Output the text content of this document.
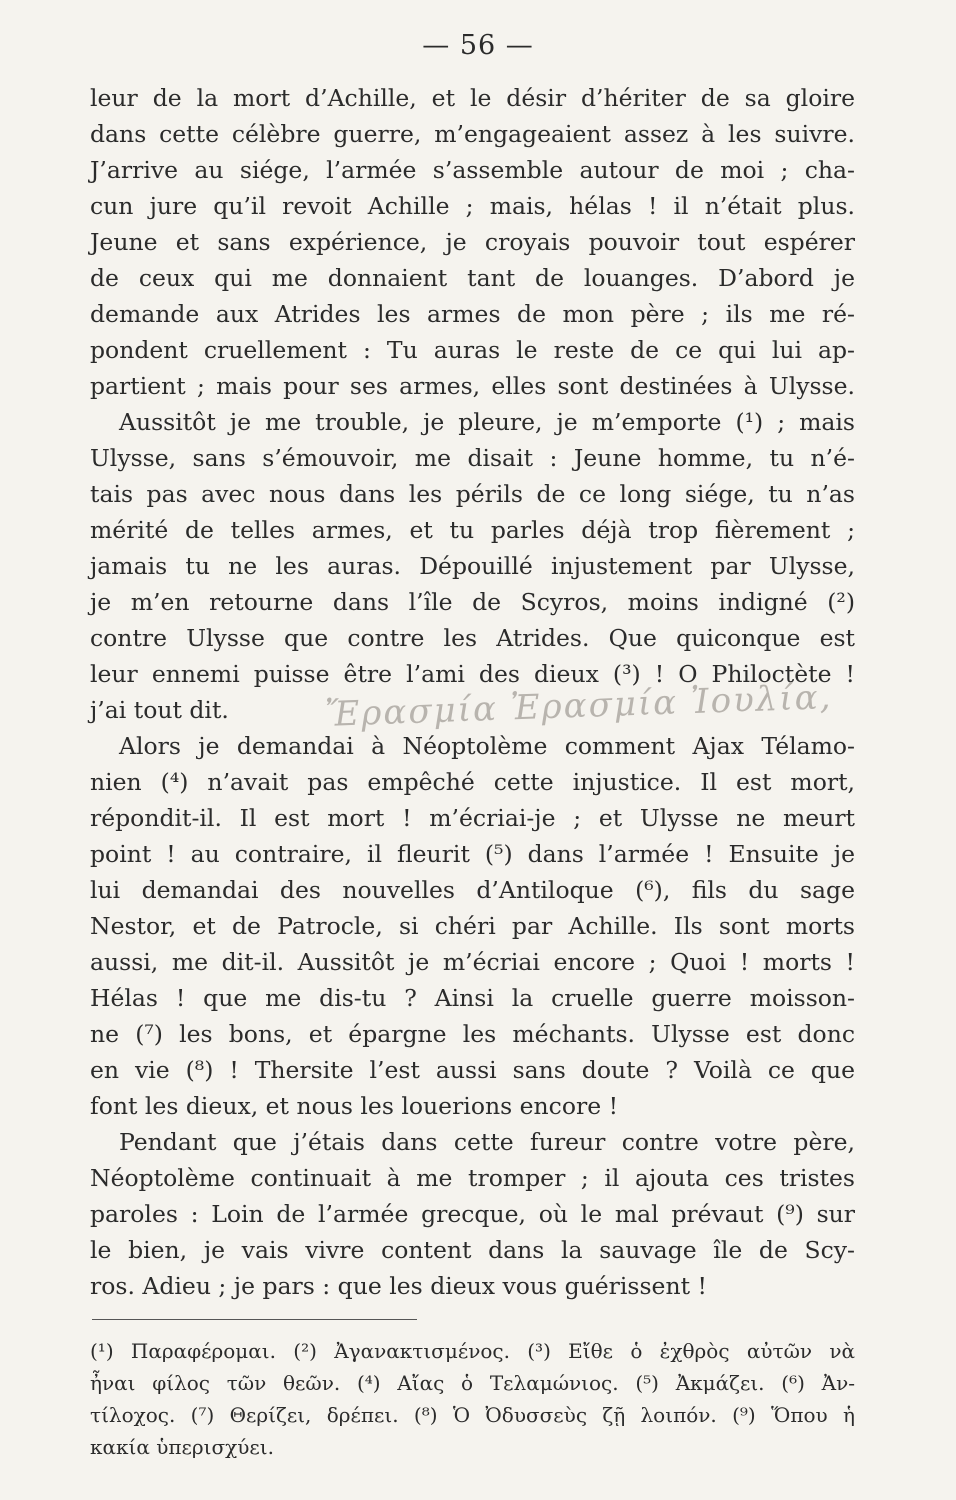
— 56 —
leur de la mort d’Achille, et le désir d’hériter de sa gloire
dans cette célèbre guerre, m’engageaient assez à les suivre.
J’arrive au siége, l’armée s’assemble autour de moi ; cha-
cun jure qu’il revoit Achille ; mais, hélas ! il n’était plus.
Jeune et sans expérience, je croyais pouvoir tout espérer
de ceux qui me donnaient tant de louanges. D’abord je
demande aux Atrides les armes de mon père ; ils me ré-
pondent cruellement : Tu auras le reste de ce qui lui ap-
partient ; mais pour ses armes, elles sont destinées à Ulysse.
Aussitôt je me trouble, je pleure, je m’emporte (¹) ; mais
Ulysse, sans s’émouvoir, me disait : Jeune homme, tu n’é-
tais pas avec nous dans les périls de ce long siége, tu n’as
mérité de telles armes, et tu parles déjà trop fièrement ;
jamais tu ne les auras. Dépouillé injustement par Ulysse,
je m’en retourne dans l’île de Scyros, moins indigné (²)
contre Ulysse que contre les Atrides. Que quiconque est
leur ennemi puisse être l’ami des dieux (³) ! O Philoctète !
j’ai tout dit.
Alors je demandai à Néoptolème comment Ajax Télamo-
nien (⁴) n’avait pas empêché cette injustice. Il est mort,
répondit-il. Il est mort ! m’écriai-je ; et Ulysse ne meurt
point ! au contraire, il fleurit (⁵) dans l’armée ! Ensuite je
lui demandai des nouvelles d’Antiloque (⁶), fils du sage
Nestor, et de Patrocle, si chéri par Achille. Ils sont morts
aussi, me dit-il. Aussitôt je m’écriai encore ; Quoi ! morts !
Hélas ! que me dis-tu ? Ainsi la cruelle guerre moisson-
ne (⁷) les bons, et épargne les méchants. Ulysse est donc
en vie (⁸) ! Thersite l’est aussi sans doute ? Voilà ce que
font les dieux, et nous les louerions encore !
Pendant que j’étais dans cette fureur contre votre père,
Néoptolème continuait à me tromper ; il ajouta ces tristes
paroles : Loin de l’armée grecque, où le mal prévaut (⁹) sur
le bien, je vais vivre content dans la sauvage île de Scy-
ros. Adieu ; je pars : que les dieux vous guérissent !
Ἔρασμία Ἐρασμία Ἰουλία,
(¹) Παραφέρομαι. (²) Ἀγανακτισμένος. (³) Εἴθε ὁ ἐχθρὸς αὐτῶν νὰ
ἦναι φίλος τῶν θεῶν. (⁴) Αἴας ὁ Τελαμώνιος. (⁵) Ἀκμάζει. (⁶) Ἀν-
τίλοχος. (⁷) Θερίζει, δρέπει. (⁸) Ὁ Ὀδυσσεὺς ζῇ λοιπόν. (⁹) Ὅπου ἡ
κακία ὑπερισχύει.
